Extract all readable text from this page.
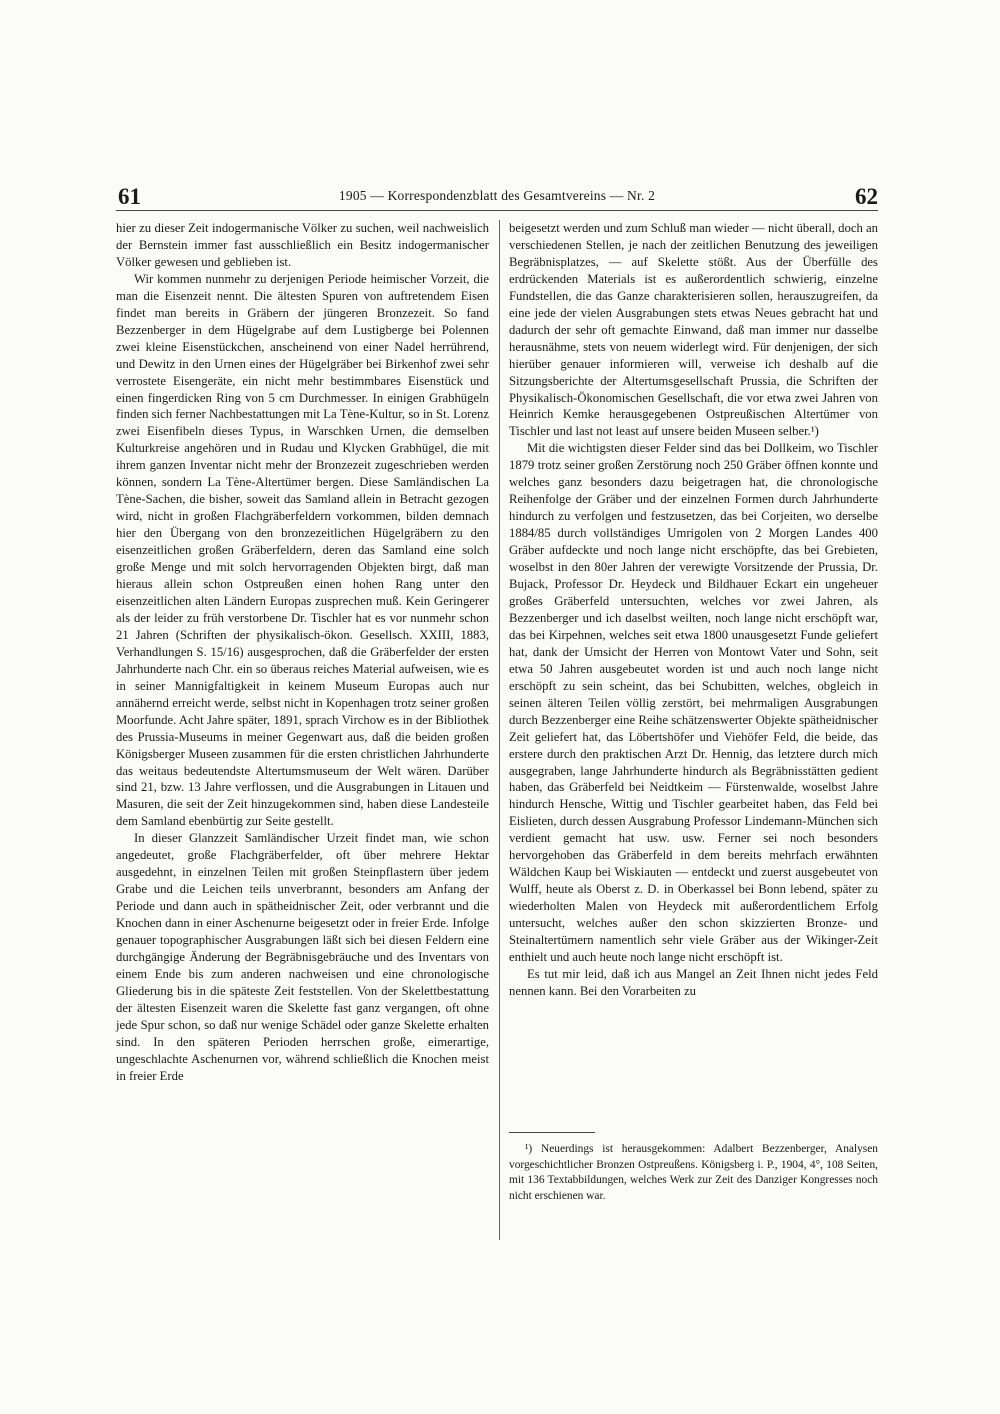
61	1905 — Korrespondenzblatt des Gesamtvereins — Nr. 2	62

hier zu dieser Zeit indogermanische Völker zu suchen, weil nachweislich der Bernstein immer fast ausschließlich ein Besitz indogermanischer Völker gewesen und geblieben ist.

Wir kommen nunmehr zu derjenigen Periode heimischer Vorzeit, die man die Eisenzeit nennt. Die ältesten Spuren von auftretendem Eisen findet man bereits in Gräbern der jüngeren Bronzezeit. So fand Bezzenberger in dem Hügelgrabe auf dem Lustigberge bei Polennen zwei kleine Eisenstückchen, anscheinend von einer Nadel herrührend, und Dewitz in den Urnen eines der Hügelgräber bei Birkenhof zwei sehr verrostete Eisengeräte, ein nicht mehr bestimmbares Eisenstück und einen fingerdicken Ring von 5 cm Durchmesser. In einigen Grabhügeln finden sich ferner Nachbestattungen mit La Tène-Kultur, so in St. Lorenz zwei Eisenfibeln dieses Typus, in Warschken Urnen, die demselben Kulturkreise angehören und in Rudau und Klycken Grabhügel, die mit ihrem ganzen Inventar nicht mehr der Bronzezeit zugeschrieben werden können, sondern La Tène-Altertümer bergen. Diese Samländischen La Tène-Sachen, die bisher, soweit das Samland allein in Betracht gezogen wird, nicht in großen Flachgräberfeldern vorkommen, bilden demnach hier den Übergang von den bronzezeitlichen Hügelgräbern zu den eisenzeitlichen großen Gräberfeldern, deren das Samland eine solch große Menge und mit solch hervorragenden Objekten birgt, daß man hieraus allein schon Ostpreußen einen hohen Rang unter den eisenzeitlichen alten Ländern Europas zusprechen muß. Kein Geringerer als der leider zu früh verstorbene Dr. Tischler hat es vor nunmehr schon 21 Jahren (Schriften der physikalisch-ökon. Gesellsch. XXIII, 1883, Verhandlungen S. 15/16) ausgesprochen, daß die Gräberfelder der ersten Jahrhunderte nach Chr. ein so überaus reiches Material aufweisen, wie es in seiner Mannigfaltigkeit in keinem Museum Europas auch nur annähernd erreicht werde, selbst nicht in Kopenhagen trotz seiner großen Moorfunde. Acht Jahre später, 1891, sprach Virchow es in der Bibliothek des Prussia-Museums in meiner Gegenwart aus, daß die beiden großen Königsberger Museen zusammen für die ersten christlichen Jahrhunderte das weitaus bedeutendste Altertumsmuseum der Welt wären. Darüber sind 21, bzw. 13 Jahre verflossen, und die Ausgrabungen in Litauen und Masuren, die seit der Zeit hinzugekommen sind, haben diese Landesteile dem Samland ebenbürtig zur Seite gestellt.

In dieser Glanzzeit Samländischer Urzeit findet man, wie schon angedeutet, große Flachgräberfelder, oft über mehrere Hektar ausgedehnt, in einzelnen Teilen mit großen Steinpflastern über jedem Grabe und die Leichen teils unverbrannt, besonders am Anfang der Periode und dann auch in spätheidnischer Zeit, oder verbrannt und die Knochen dann in einer Aschenurne beigesetzt oder in freier Erde. Infolge genauer topographischer Ausgrabungen läßt sich bei diesen Feldern eine durchgängige Änderung der Begräbnisgebräuche und des Inventars von einem Ende bis zum anderen nachweisen und eine chronologische Gliederung bis in die späteste Zeit feststellen. Von der Skelettbestattung der ältesten Eisenzeit waren die Skelette fast ganz vergangen, oft ohne jede Spur schon, so daß nur wenige Schädel oder ganze Skelette erhalten sind. In den späteren Perioden herrschen große, eimerartige, ungeschlachte Aschenurnen vor, während schließlich die Knochen meist in freier Erde

beigesetzt werden und zum Schluß man wieder — nicht überall, doch an verschiedenen Stellen, je nach der zeitlichen Benutzung des jeweiligen Begräbnisplatzes, — auf Skelette stößt. Aus der Überfülle des erdrückenden Materials ist es außerordentlich schwierig, einzelne Fundstellen, die das Ganze charakterisieren sollen, herauszugreifen, da eine jede der vielen Ausgrabungen stets etwas Neues gebracht hat und dadurch der sehr oft gemachte Einwand, daß man immer nur dasselbe herausnähme, stets von neuem widerlegt wird. Für denjenigen, der sich hierüber genauer informieren will, verweise ich deshalb auf die Sitzungsberichte der Altertumsgesellschaft Prussia, die Schriften der Physikalisch-Ökonomischen Gesellschaft, die vor etwa zwei Jahren von Heinrich Kemke herausgegebenen Ostpreußischen Altertümer von Tischler und last not least auf unsere beiden Museen selber.¹)

Mit die wichtigsten dieser Felder sind das bei Dollkeim, wo Tischler 1879 trotz seiner großen Zerstörung noch 250 Gräber öffnen konnte und welches ganz besonders dazu beigetragen hat, die chronologische Reihenfolge der Gräber und der einzelnen Formen durch Jahrhunderte hindurch zu verfolgen und festzusetzen, das bei Corjeiten, wo derselbe 1884/85 durch vollständiges Umrigolen von 2 Morgen Landes 400 Gräber aufdeckte und noch lange nicht erschöpfte, das bei Grebieten, woselbst in den 80er Jahren der verewigte Vorsitzende der Prussia, Dr. Bujack, Professor Dr. Heydeck und Bildhauer Eckart ein ungeheuer großes Gräberfeld untersuchten, welches vor zwei Jahren, als Bezzenberger und ich daselbst weilten, noch lange nicht erschöpft war, das bei Kirpehnen, welches seit etwa 1800 unausgesetzt Funde geliefert hat, dank der Umsicht der Herren von Montowt Vater und Sohn, seit etwa 50 Jahren ausgebeutet worden ist und auch noch lange nicht erschöpft zu sein scheint, das bei Schubitten, welches, obgleich in seinen älteren Teilen völlig zerstört, bei mehrmaligen Ausgrabungen durch Bezzenberger eine Reihe schätzenswerter Objekte spätheidnischer Zeit geliefert hat, das Löbertshöfer und Viehöfer Feld, die beide, das erstere durch den praktischen Arzt Dr. Hennig, das letztere durch mich ausgegraben, lange Jahrhunderte hindurch als Begräbnisstätten gedient haben, das Gräberfeld bei Neidtkeim — Fürstenwalde, woselbst Jahre hindurch Hensche, Wittig und Tischler gearbeitet haben, das Feld bei Eislieten, durch dessen Ausgrabung Professor Lindemann-München sich verdient gemacht hat usw. usw. Ferner sei noch besonders hervorgehoben das Gräberfeld in dem bereits mehrfach erwähnten Wäldchen Kaup bei Wiskiauten — entdeckt und zuerst ausgebeutet von Wulff, heute als Oberst z. D. in Oberkassel bei Bonn lebend, später zu wiederholten Malen von Heydeck mit außerordentlichem Erfolg untersucht, welches außer den schon skizzierten Bronze- und Steinaltertümern namentlich sehr viele Gräber aus der Wikinger-Zeit enthielt und auch heute noch lange nicht erschöpft ist.

Es tut mir leid, daß ich aus Mangel an Zeit Ihnen nicht jedes Feld nennen kann. Bei den Vorarbeiten zu

¹) Neuerdings ist herausgekommen: Adalbert Bezzenberger, Analysen vorgeschichtlicher Bronzen Ostpreußens. Königsberg i. P., 1904, 4°, 108 Seiten, mit 136 Textabbildungen, welches Werk zur Zeit des Danziger Kongresses noch nicht erschienen war.
